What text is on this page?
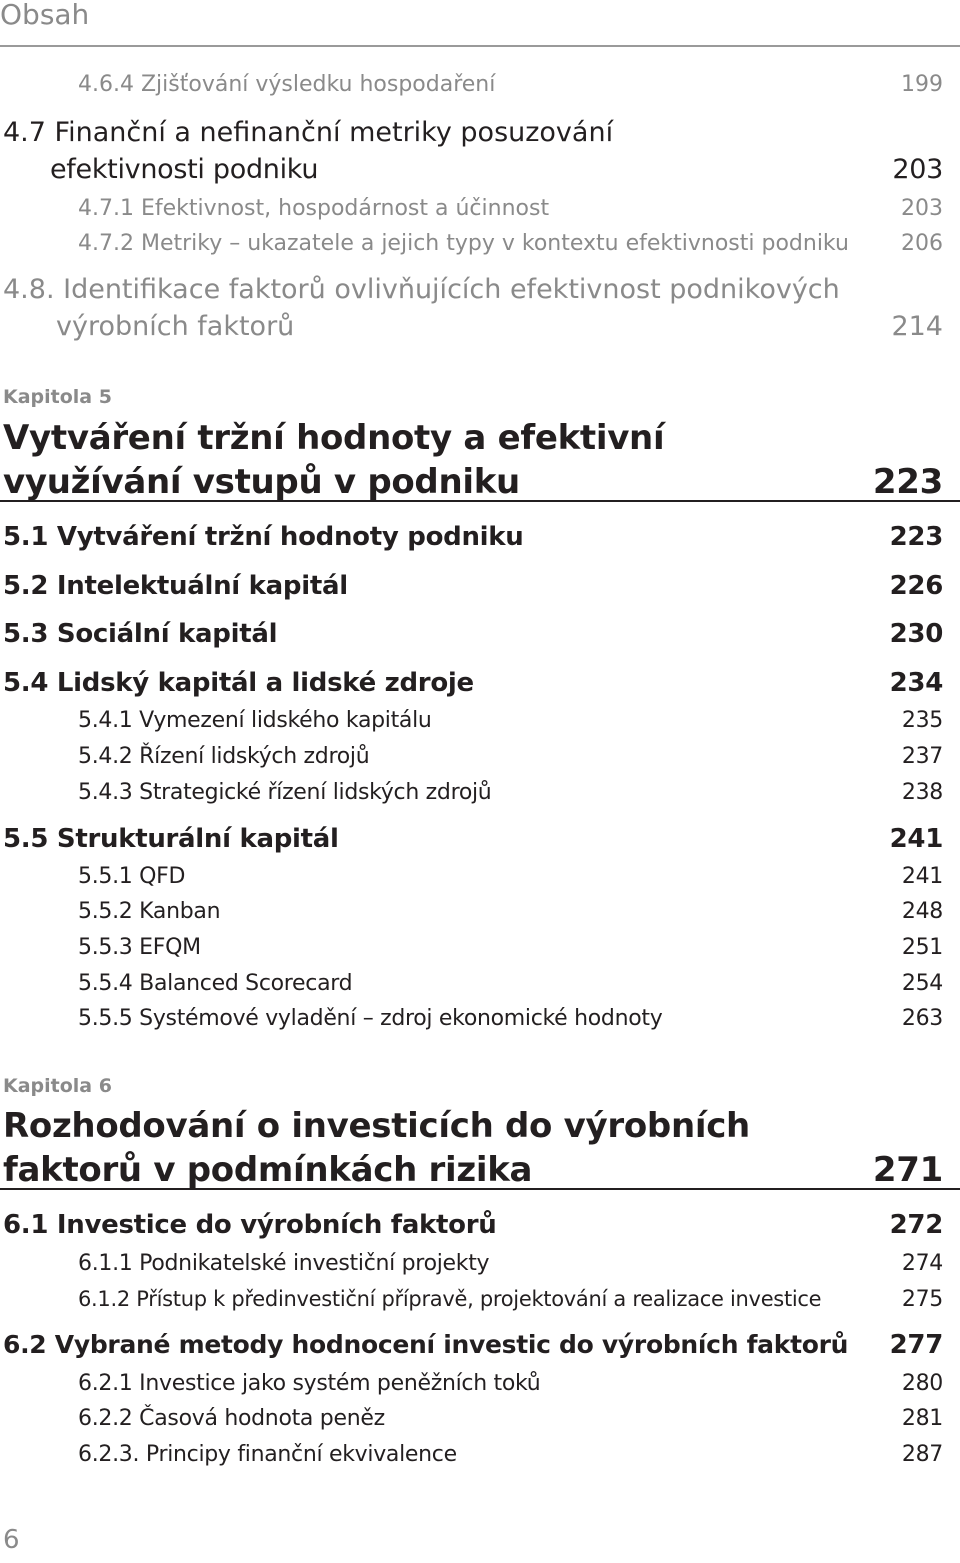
Obsah
4.6.4 Zjišťování výsledku hospodaření	199
4.7 Finanční a nefinanční metriky posuzování
efektivnosti podniku	203
4.7.1 Efektivnost, hospodárnost a účinnost	203
4.7.2 Metriky – ukazatele a jejich typy v kontextu efektivnosti podniku 206
4.8. Identifikace faktorů ovlivňujících efektivnost podnikových
výrobních faktorů	214
Kapitola 5
Vytváření tržní hodnoty a efektivní
využívání vstupů v podniku	223
5.1 Vytváření tržní hodnoty podniku	223
5.2 Intelektuální kapitál	226
5.3 Sociální kapitál	230
5.4 Lidský kapitál a lidské zdroje	234
5.4.1 Vymezení lidského kapitálu	235
5.4.2 Řízení lidských zdrojů	237
5.4.3 Strategické řízení lidských zdrojů	238
5.5 Strukturální kapitál	241
5.5.1 QFD	241
5.5.2 Kanban	248
5.5.3 EFQM	251
5.5.4 Balanced Scorecard	254
5.5.5 Systémové vyladění – zdroj ekonomické hodnoty	263
Kapitola 6
Rozhodování o investicích do výrobních
faktorů v podmínkách rizika	271
6.1 Investice do výrobních faktorů	272
6.1.1 Podnikatelské investiční projekty	274
6.1.2 Přístup k předinvestiční přípravě, projektování a realizace investice	275
6.2 Vybrané metody hodnocení investic do výrobních faktorů 277
6.2.1 Investice jako systém peněžních toků	280
6.2.2 Časová hodnota peněz	281
6.2.3. Principy finanční ekvivalence	287
6
